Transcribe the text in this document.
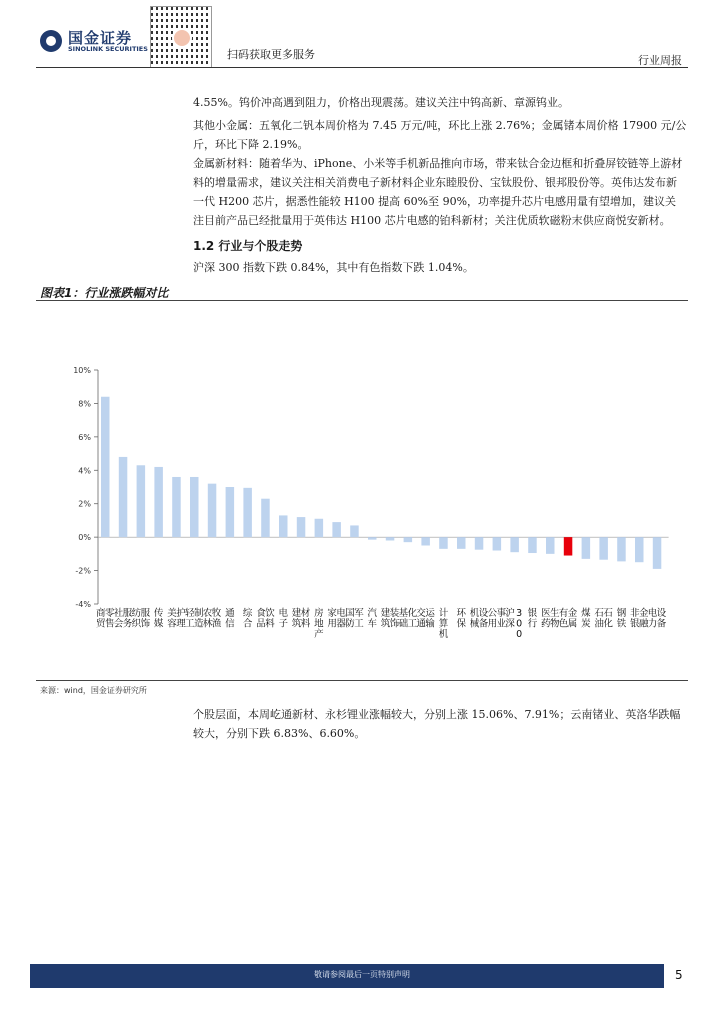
国金证券
SINOLINK SECURITIES	扫码获取更多服务	行业周报
4.55%。钨价冲高遇到阻力，价格出现震荡。建议关注中钨高新、章源钨业。
其他小金属：五氧化二钒本周价格为 7.45 万元/吨，环比上涨 2.76%；金属锗本周价格 17900 元/公斤，环比下降 2.19%。
金属新材料：随着华为、iPhone、小米等手机新品推向市场，带来钛合金边框和折叠屏铰链等上游材料的增量需求，建议关注相关消费电子新材料企业东睦股份、宝钛股份、银邦股份等。英伟达发布新一代 H200 芯片，据悉性能较 H100 提高 60%至 90%，功率提升芯片电感用量有望增加，建议关注目前产品已经批量用于英伟达 H100 芯片电感的铂科新材；关注优质软磁粉末供应商悦安新材。
1.2 行业与个股走势
沪深 300 指数下跌 0.84%，其中有色指数下跌 1.04%。
图表1：行业涨跌幅对比
-4%
-2%
0%
2%
4%
6%
8%
10%
商贸零售
社会服务
纺织服饰
传媒
美容护理
轻工制造
农林牧渔
通信
综合
食品饮料
电子
建筑材料
房地产
家用电器
国防军工
汽车
建筑装饰
基础化工
交通运输
计算机
环保
机械设备
公用事业
沪深3 0 0
银行
医药生物
有色金属
煤炭
石油石化
钢铁
非银金融
电力设备
来源：wind，国金证券研究所
个股层面，本周屹通新材、永杉锂业涨幅较大，分别上涨 15.06%、7.91%；云南锗业、英洛华跌幅较大，分别下跌 6.83%、6.60%。
敬请参阅最后一页特别声明	5
